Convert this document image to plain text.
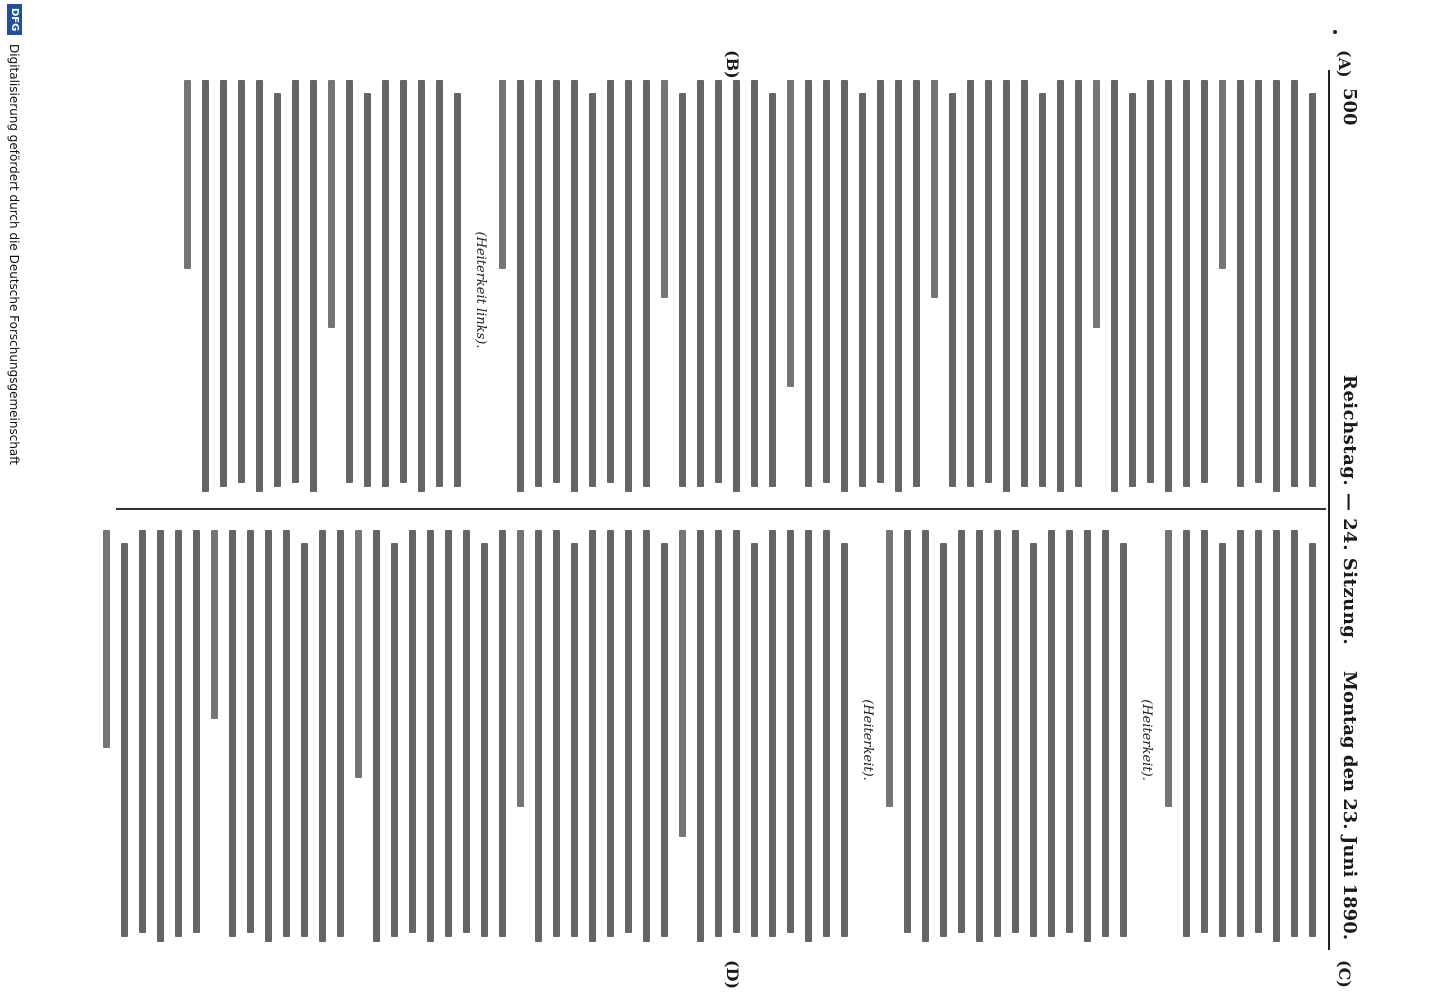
500
Reichstag. — 24. Sitzung.
Montag den 23. Juni 1890.
(A)
(B)
(C)
(D)
(Heiterkeit links).
(Heiterkeit).
(Heiterkeit).
DFG
Digitalisierung gefördert durch die Deutsche Forschungsgemeinschaft
